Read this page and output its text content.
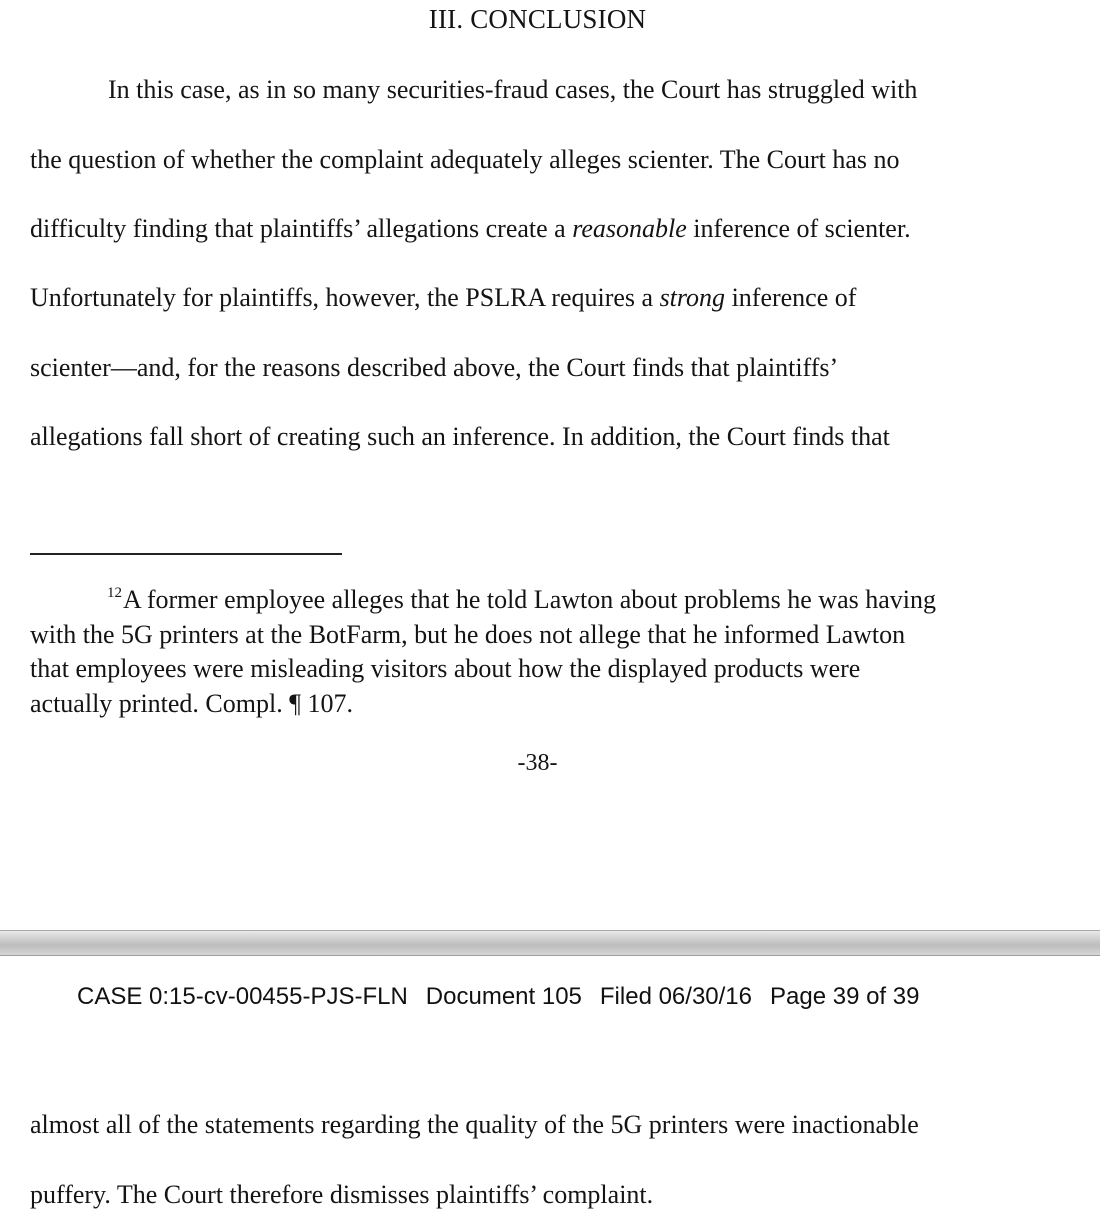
III. CONCLUSION
In this case, as in so many securities-fraud cases, the Court has struggled with
the question of whether the complaint adequately alleges scienter. The Court has no
difficulty finding that plaintiffs’ allegations create a reasonable inference of scienter.
Unfortunately for plaintiffs, however, the PSLRA requires a strong inference of
scienter—and, for the reasons described above, the Court finds that plaintiffs’
allegations fall short of creating such an inference. In addition, the Court finds that
$^{12}$A former employee alleges that he told Lawton about problems he was having
with the 5G printers at the BotFarm, but he does not allege that he informed Lawton
that employees were misleading visitors about how the displayed products were
actually printed. Compl. ¶ 107.
-38-
CASE 0:15-cv-00455-PJS-FLN Document 105 Filed 06/30/16 Page 39 of 39
almost all of the statements regarding the quality of the 5G printers were inactionable
puffery. The Court therefore dismisses plaintiffs’ complaint.
